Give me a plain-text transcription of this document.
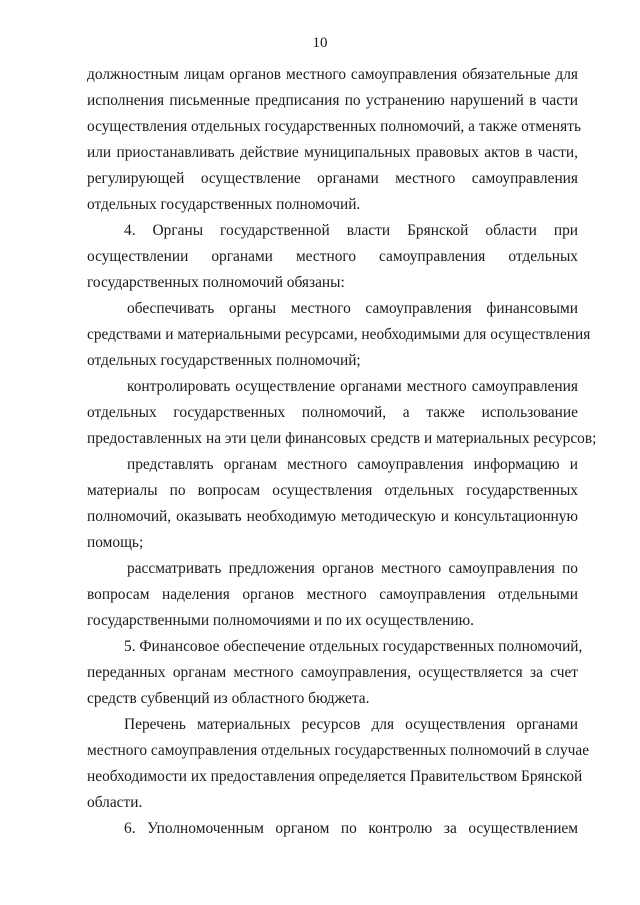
10

должностным лицам органов местного самоуправления обязательные для
исполнения письменные предписания по устранению нарушений в части
осуществления отдельных государственных полномочий, а также отменять
или приостанавливать действие муниципальных правовых актов в части,
регулирующей осуществление органами местного самоуправления
отдельных государственных полномочий.

4. Органы государственной власти Брянской области при
осуществлении органами местного самоуправления отдельных
государственных полномочий обязаны:

обеспечивать органы местного самоуправления финансовыми
средствами и материальными ресурсами, необходимыми для осуществления
отдельных государственных полномочий;

контролировать осуществление органами местного самоуправления
отдельных государственных полномочий, а также использование
предоставленных на эти цели финансовых средств и материальных ресурсов;

представлять органам местного самоуправления информацию и
материалы по вопросам осуществления отдельных государственных
полномочий, оказывать необходимую методическую и консультационную
помощь;

рассматривать предложения органов местного самоуправления по
вопросам наделения органов местного самоуправления отдельными
государственными полномочиями и по их осуществлению.

5. Финансовое обеспечение отдельных государственных полномочий,
переданных органам местного самоуправления, осуществляется за счет
средств субвенций из областного бюджета.

Перечень материальных ресурсов для осуществления органами
местного самоуправления отдельных государственных полномочий в случае
необходимости их предоставления определяется Правительством Брянской
области.

6. Уполномоченным органом по контролю за осуществлением
